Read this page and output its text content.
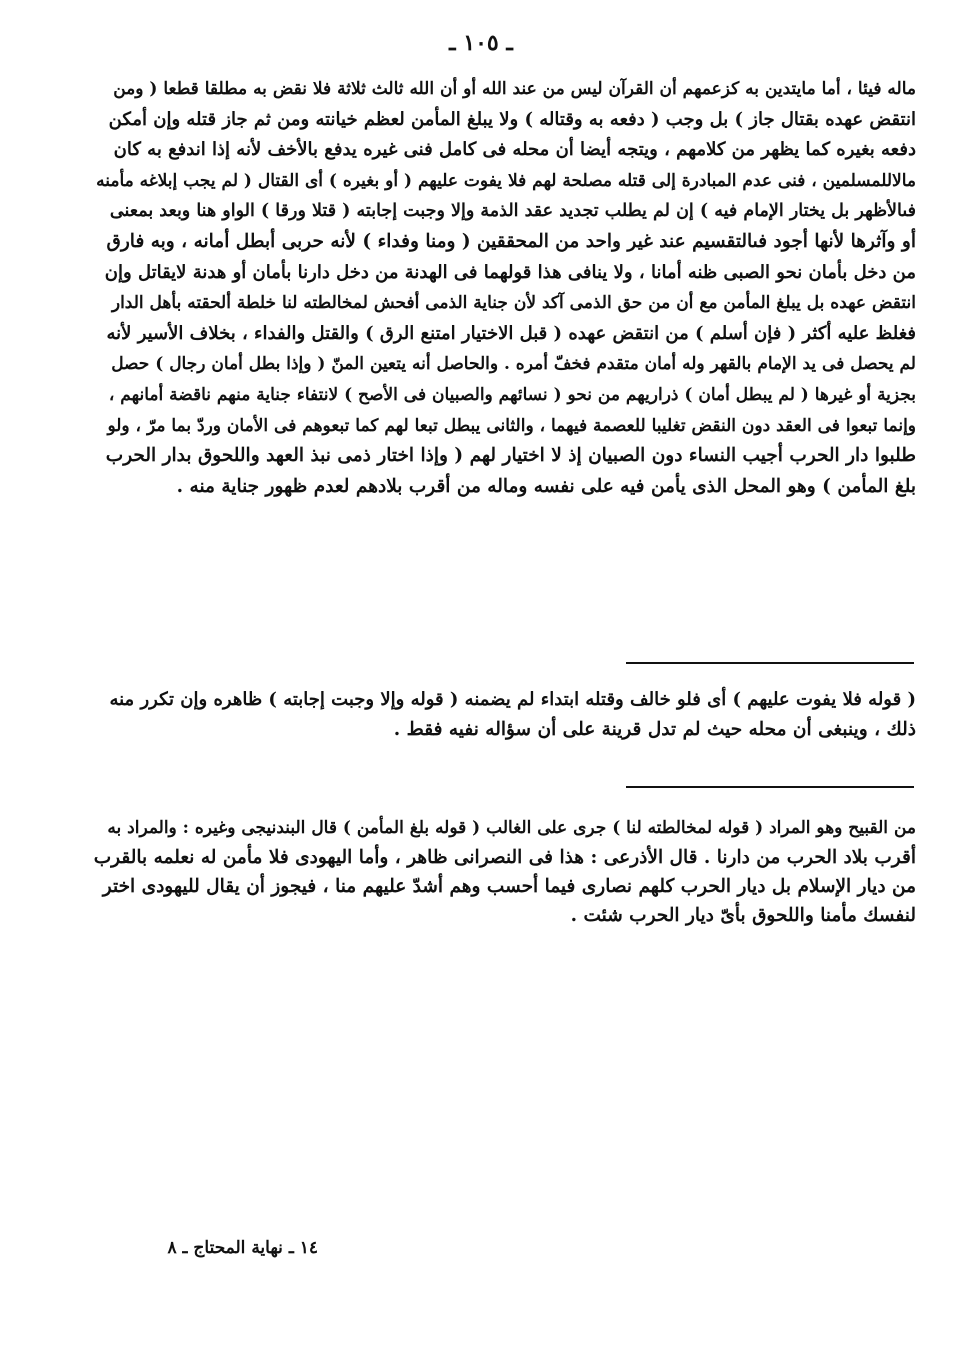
ـ ١٠٥ ـ
ماله فيئا ، أما مايتدين به كزعمهم أن القرآن ليس من عند الله أو أن الله ثالث ثلاثة فلا نقض به مطلقا قطعا ( ومن
انتقض عهده بقتال جاز ) بل وجب ( دفعه به وقتاله ) ولا يبلغ المأمن لعظم خيانته ومن ثم جاز قتله وإن أمكن
دفعه بغيره كما يظهر من كلامهم ، ويتجه أيضا أن محله فى كامل فنى غيره يدفع بالأخف لأنه إذا اندفع به كان
مالاللمسلمين ، فنى عدم المبادرة إلى قتله مصلحة لهم فلا يفوت عليهم ( أو بغيره ) أى القتال ( لم يجب إبلاغه مأمنه
فىالأظهر بل يختار الإمام فيه ) إن لم يطلب تجديد عقد الذمة وإلا وجبت إجابته ( قتلا ورقا ) الواو هنا وبعد بمعنى
أو وآثرها لأنها أجود فىالتقسيم عند غير واحد من المحققين ( ومنا وفداء ) لأنه حربى أبطل أمانه ، وبه فارق
من دخل بأمان نحو الصبى ظنه أمانا ، ولا ينافى هذا قولهما فى الهدنة من دخل دارنا بأمان أو هدنة لايقاتل وإن
انتقض عهده بل يبلغ المأمن مع أن من حق الذمى آكد لأن جناية الذمى أفحش لمخالطته لنا خلطة ألحقته بأهل الدار
فغلظ عليه أكثر ( فإن أسلم ) من انتقض عهده ( قبل الاختيار امتنع الرق ) والقتل والفداء ، بخلاف الأسير لأنه
لم يحصل فى يد الإمام بالقهر وله أمان متقدم فخفّ أمره . والحاصل أنه يتعين المنّ ( وإذا بطل أمان رجال ) حصل
بجزية أو غيرها ( لم يبطل أمان ) ذراريهم من نحو ( نسائهم والصبيان فى الأصح ) لانتفاء جناية منهم ناقضة أمانهم ،
وإنما تبعوا فى العقد دون النقض تغليبا للعصمة فيهما ، والثانى يبطل تبعا لهم كما تبعوهم فى الأمان وردّ بما مرّ ، ولو
طلبوا دار الحرب أجيب النساء دون الصبيان إذ لا اختيار لهم ( وإذا اختار ذمى نبذ العهد واللحوق بدار الحرب
بلغ المأمن ) وهو المحل الذى يأمن فيه على نفسه وماله من أقرب بلادهم لعدم ظهور جناية منه .
( قوله فلا يفوت عليهم ) أى فلو خالف وقتله ابتداء لم يضمنه ( قوله وإلا وجبت إجابته ) ظاهره وإن تكرر منه
ذلك ، وينبغى أن محله حيث لم تدل قرينة على أن سؤاله نفيه فقط .
من القبيح وهو المراد ( قوله لمخالطته لنا ) جرى على الغالب ( قوله بلغ المأمن ) قال البندنيجى وغيره : والمراد به
أقرب بلاد الحرب من دارنا . قال الأذرعى : هذا فى النصرانى ظاهر ، وأما اليهودى فلا مأمن له نعلمه بالقرب
من ديار الإسلام بل ديار الحرب كلهم نصارى فيما أحسب وهم أشدّ عليهم منا ، فيجوز أن يقال لليهودى اختر
لنفسك مأمنا واللحوق بأىّ ديار الحرب شئت .
١٤ ـ نهاية المحتاج ـ ٨
